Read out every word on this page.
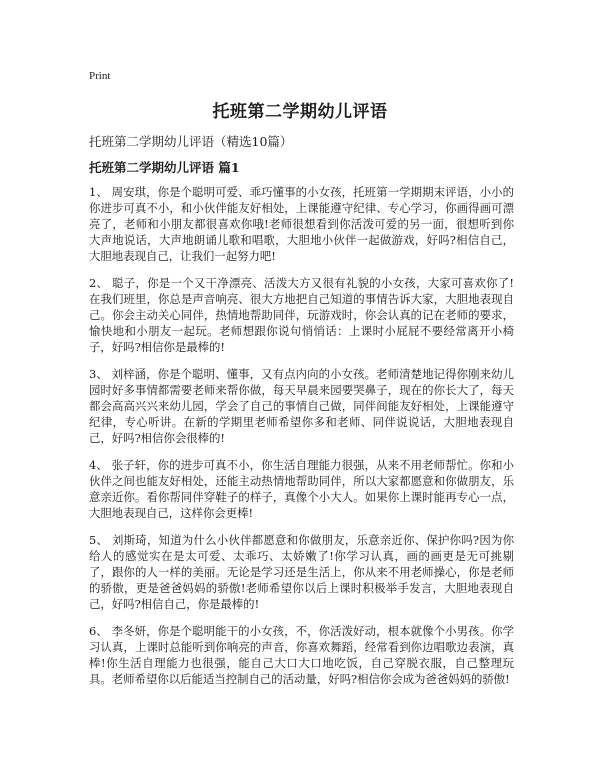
Print
托班第二学期幼儿评语
托班第二学期幼儿评语（精选10篇）
托班第二学期幼儿评语 篇1

1、 周安琪，你是个聪明可爱、乖巧懂事的小女孩，托班第一学期期末评语，小小的你进步可真不小，和小伙伴能友好相处，上课能遵守纪律、专心学习，你画得画可漂亮了，老师和小朋友都很喜欢你哦!老师很想看到你活泼可爱的另一面，很想听到你大声地说话，大声地朗诵儿歌和唱歌，大胆地小伙伴一起做游戏，好吗?相信自己，大胆地表现自己，让我们一起努力吧!

2、 聪子，你是一个又干净漂亮、活泼大方又很有礼貌的小女孩，大家可喜欢你了!在我们班里，你总是声音响亮、很大方地把自己知道的事情告诉大家，大胆地表现自己。你会主动关心同伴，热情地帮助同伴，玩游戏时，你会认真的记在老师的要求，愉快地和小朋友一起玩。老师想跟你说句悄悄话：上课时小屁屁不要经常离开小椅子，好吗?相信你是最棒的!

3、 刘梓涵，你是个聪明、懂事，又有点内向的小女孩。老师清楚地记得你刚来幼儿园时好多事情都需要老师来帮你做，每天早晨来园要哭鼻子，现在的你长大了，每天都会高高兴兴来幼儿园，学会了自己的事情自己做，同伴间能友好相处，上课能遵守纪律，专心听讲。在新的学期里老师希望你多和老师、同伴说说话，大胆地表现自己，好吗?相信你会很棒的!

4、 张子轩，你的进步可真不小，你生活自理能力很强，从来不用老师帮忙。你和小伙伴之间也能友好相处，还能主动热情地帮助同伴，所以大家都愿意和你做朋友，乐意亲近你。看你帮同伴穿鞋子的样子，真像个小大人。如果你上课时能再专心一点，大胆地表现自己，这样你会更棒!

5、 刘斯琦，知道为什么小伙伴都愿意和你做朋友，乐意亲近你、保护你吗?因为你给人的感觉实在是太可爱、太乖巧、太娇嫩了!你学习认真，画的画更是无可挑剔了，跟你的人一样的美丽。无论是学习还是生活上，你从来不用老师操心，你是老师的骄傲，更是爸爸妈妈的骄傲!老师希望你以后上课时积极举手发言，大胆地表现自己，好吗?相信自己，你是最棒的!

6、 李冬妍，你是个聪明能干的小女孩，不，你活泼好动，根本就像个小男孩。你学习认真，上课时总能听到你响亮的声音，你喜欢舞蹈，经常看到你边唱歌边表演，真棒!你生活自理能力也很强，能自己大口大口地吃饭，自己穿脱衣服，自己整理玩具。老师希望你以后能适当控制自己的活动量，好吗?相信你会成为爸爸妈妈的骄傲!
